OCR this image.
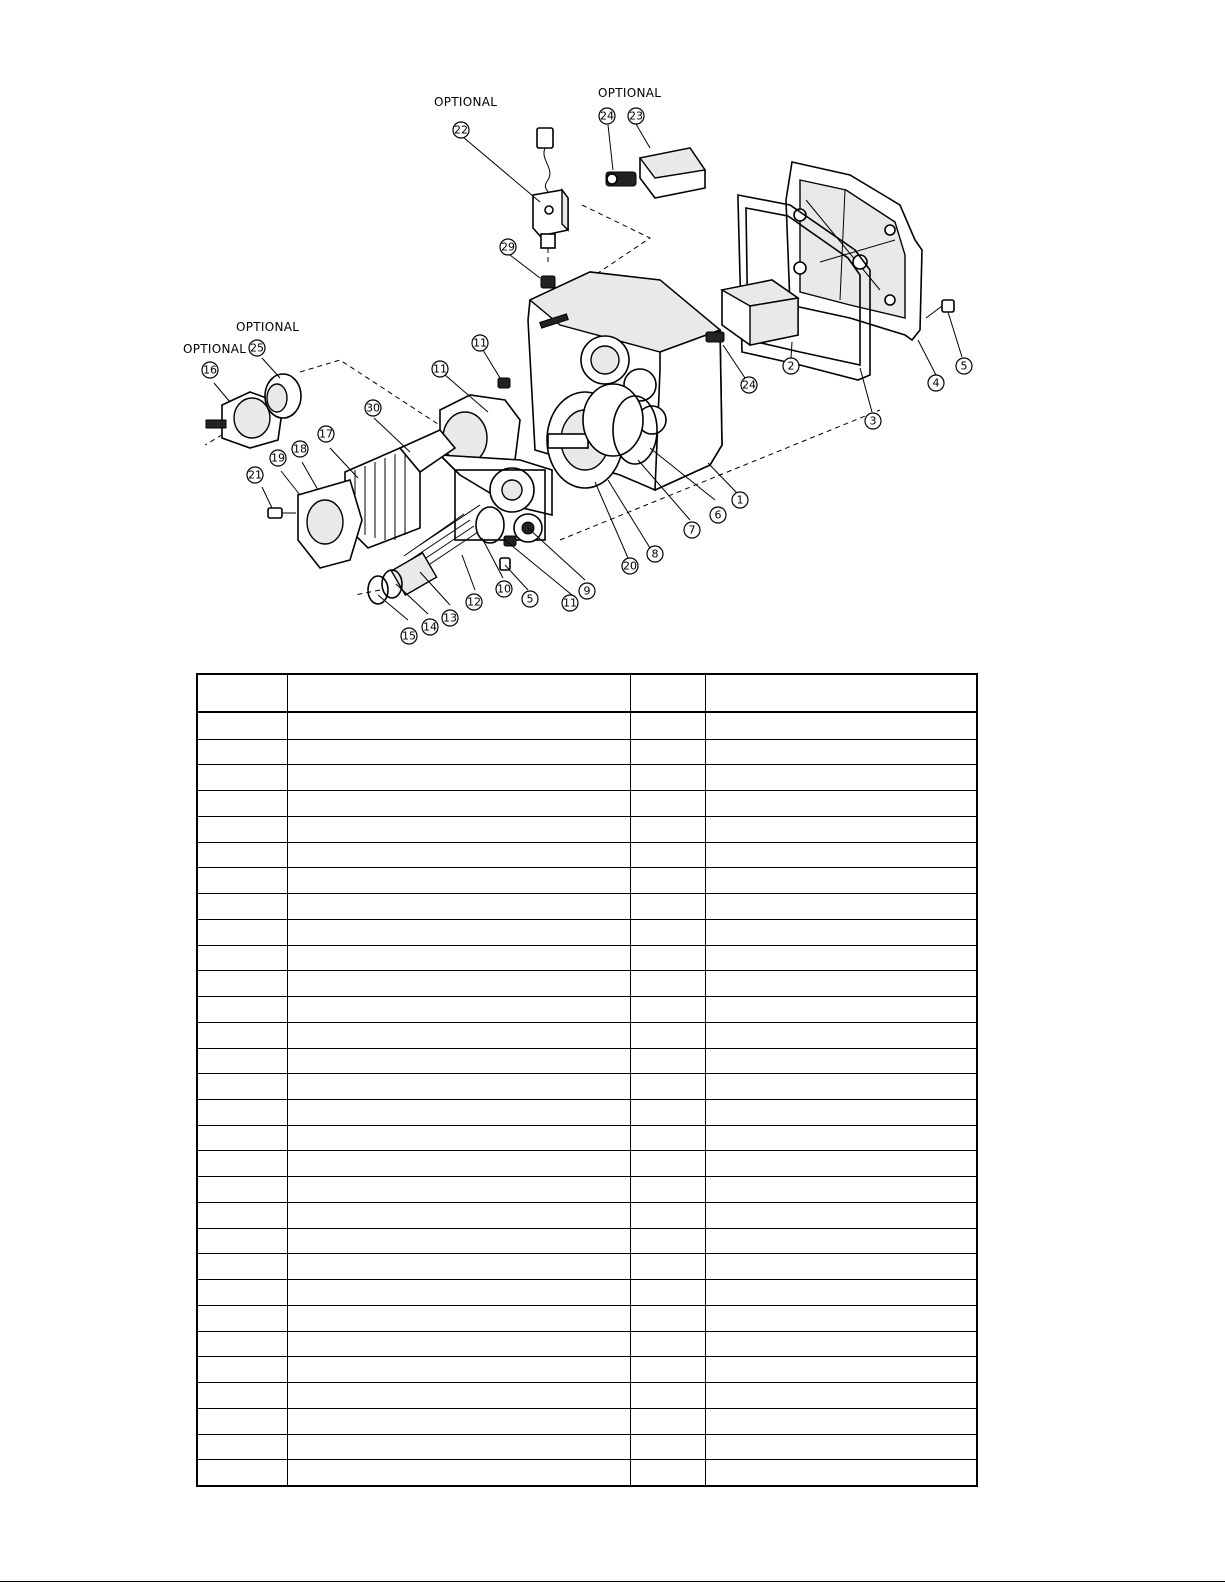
OPTIONAL
OPTIONAL
OPTIONAL
OPTIONAL
1
2
3
4
5
5
6
7
8
9
10
11
11
11
12
13
14
15
16
17
18
19
20
21
22
23
24
24
25
29
30
